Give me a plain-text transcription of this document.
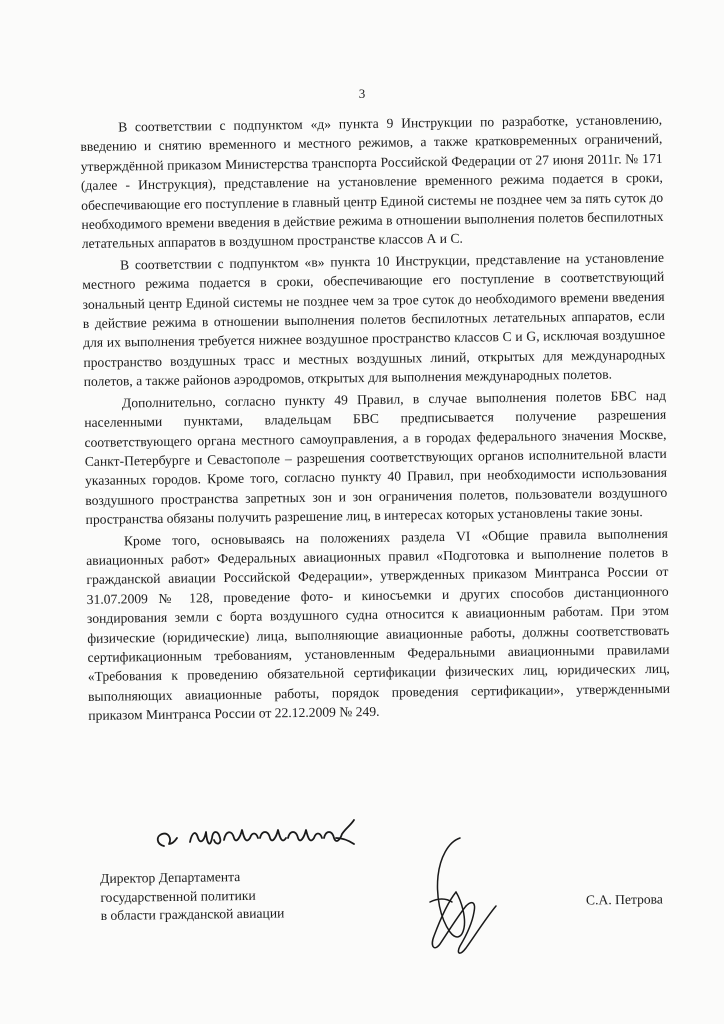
3

В соответствии с подпунктом «д» пункта 9 Инструкции по разработке, установлению, введению и снятию временного и местного режимов, а также кратковременных ограничений, утверждённой приказом Министерства транспорта Российской Федерации от 27 июня 2011г. № 171 (далее - Инструкция), представление на установление временного режима подается в сроки, обеспечивающие его поступление в главный центр Единой системы не позднее чем за пять суток до необходимого времени введения в действие режима в отношении выполнения полетов беспилотных летательных аппаратов в воздушном пространстве классов А и С.

В соответствии с подпунктом «в» пункта 10 Инструкции, представление на установление местного режима подается в сроки, обеспечивающие его поступление в соответствующий зональный центр Единой системы не позднее чем за трое суток до необходимого времени введения в действие режима в отношении выполнения полетов беспилотных летательных аппаратов, если для их выполнения требуется нижнее воздушное пространство классов С и G, исключая воздушное пространство воздушных трасс и местных воздушных линий, открытых для международных полетов, а также районов аэродромов, открытых для выполнения международных полетов.

Дополнительно, согласно пункту 49 Правил, в случае выполнения полетов БВС над населенными пунктами, владельцам БВС предписывается получение разрешения соответствующего органа местного самоуправления, а в городах федерального значения Москве, Санкт-Петербурге и Севастополе – разрешения соответствующих органов исполнительной власти указанных городов. Кроме того, согласно пункту 40 Правил, при необходимости использования воздушного пространства запретных зон и зон ограничения полетов, пользователи воздушного пространства обязаны получить разрешение лиц, в интересах которых установлены такие зоны.

Кроме того, основываясь на положениях раздела VI «Общие правила выполнения авиационных работ» Федеральных авиационных правил «Подготовка и выполнение полетов в гражданской авиации Российской Федерации», утвержденных приказом Минтранса России от 31.07.2009 № 128, проведение фото- и киносъемки и других способов дистанционного зондирования земли с борта воздушного судна относится к авиационным работам. При этом физические (юридические) лица, выполняющие авиационные работы, должны соответствовать сертификационным требованиям, установленным Федеральными авиационными правилами «Требования к проведению обязательной сертификации физических лиц, юридических лиц, выполняющих авиационные работы, порядок проведения сертификации», утвержденными приказом Минтранса России от 22.12.2009 № 249.

Директор Департамента
государственной политики
в области гражданской авиации
С.А. Петрова
